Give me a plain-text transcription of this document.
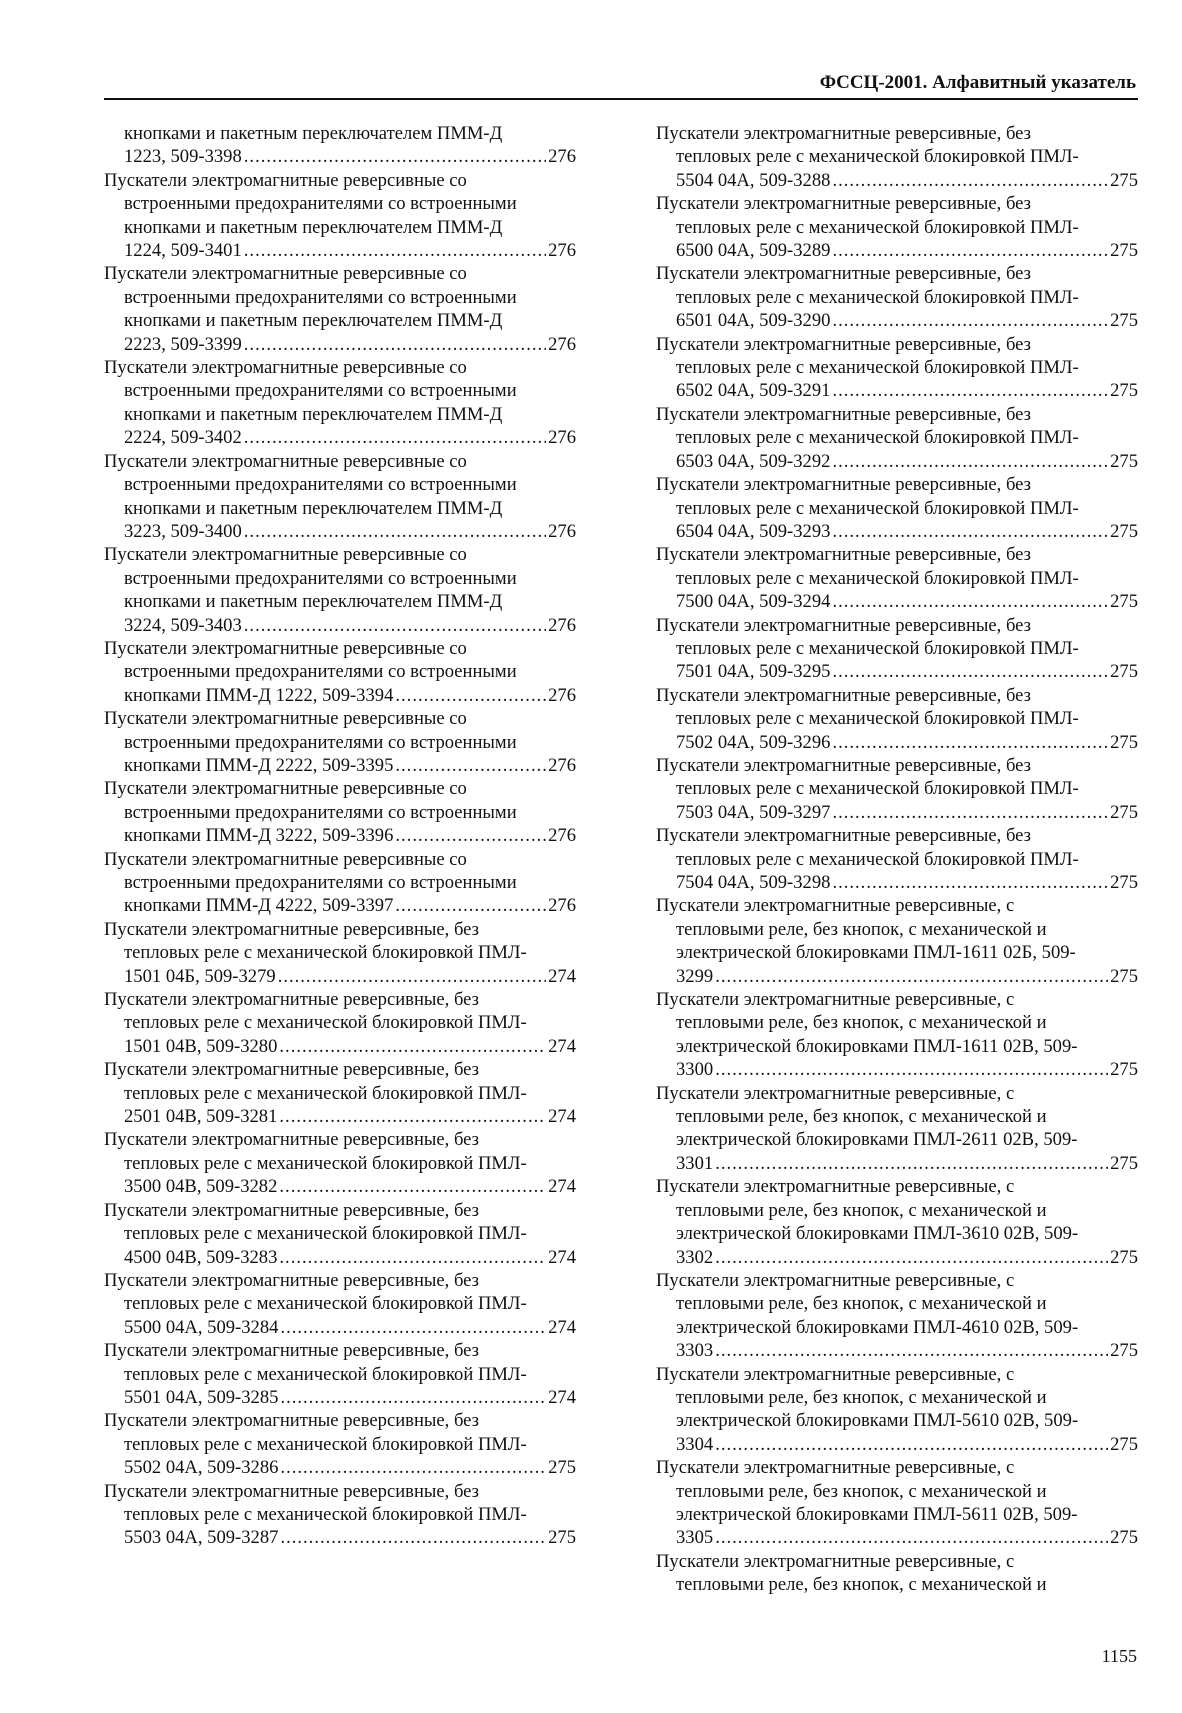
ФССЦ-2001. Алфавитный указатель
кнопками и пакетным переключателем ПММ-Д
1223, 509-3398 .....	276
Пускатели электромагнитные реверсивные со
встроенными предохранителями со встроенными
кнопками и пакетным переключателем ПММ-Д
1224, 509-3401 .....	276
Пускатели электромагнитные реверсивные со
встроенными предохранителями со встроенными
кнопками и пакетным переключателем ПММ-Д
2223, 509-3399 .....	276
Пускатели электромагнитные реверсивные со
встроенными предохранителями со встроенными
кнопками и пакетным переключателем ПММ-Д
2224, 509-3402 .....	276
Пускатели электромагнитные реверсивные со
встроенными предохранителями со встроенными
кнопками и пакетным переключателем ПММ-Д
3223, 509-3400 .....	276
Пускатели электромагнитные реверсивные со
встроенными предохранителями со встроенными
кнопками и пакетным переключателем ПММ-Д
3224, 509-3403 .....	276
Пускатели электромагнитные реверсивные со
встроенными предохранителями со встроенными
кнопками ПММ-Д 1222, 509-3394 .....	276
Пускатели электромагнитные реверсивные со
встроенными предохранителями со встроенными
кнопками ПММ-Д 2222, 509-3395 .....	276
Пускатели электромагнитные реверсивные со
встроенными предохранителями со встроенными
кнопками ПММ-Д 3222, 509-3396 .....	276
Пускатели электромагнитные реверсивные со
встроенными предохранителями со встроенными
кнопками ПММ-Д 4222, 509-3397 .....	276
Пускатели электромагнитные реверсивные, без
тепловых реле с механической блокировкой ПМЛ-
1501 04Б, 509-3279 .....	274
Пускатели электромагнитные реверсивные, без
тепловых реле с механической блокировкой ПМЛ-
1501 04В, 509-3280 .....	274
Пускатели электромагнитные реверсивные, без
тепловых реле с механической блокировкой ПМЛ-
2501 04В, 509-3281 .....	274
Пускатели электромагнитные реверсивные, без
тепловых реле с механической блокировкой ПМЛ-
3500 04В, 509-3282 .....	274
Пускатели электромагнитные реверсивные, без
тепловых реле с механической блокировкой ПМЛ-
4500 04В, 509-3283 .....	274
Пускатели электромагнитные реверсивные, без
тепловых реле с механической блокировкой ПМЛ-
5500 04А, 509-3284 .....	274
Пускатели электромагнитные реверсивные, без
тепловых реле с механической блокировкой ПМЛ-
5501 04А, 509-3285 .....	274
Пускатели электромагнитные реверсивные, без
тепловых реле с механической блокировкой ПМЛ-
5502 04А, 509-3286 .....	275
Пускатели электромагнитные реверсивные, без
тепловых реле с механической блокировкой ПМЛ-
5503 04А, 509-3287 .....	275
Пускатели электромагнитные реверсивные, без
тепловых реле с механической блокировкой ПМЛ-
5504 04А, 509-3288 .....	275
Пускатели электромагнитные реверсивные, без
тепловых реле с механической блокировкой ПМЛ-
6500 04А, 509-3289 .....	275
Пускатели электромагнитные реверсивные, без
тепловых реле с механической блокировкой ПМЛ-
6501 04А, 509-3290 .....	275
Пускатели электромагнитные реверсивные, без
тепловых реле с механической блокировкой ПМЛ-
6502 04А, 509-3291 .....	275
Пускатели электромагнитные реверсивные, без
тепловых реле с механической блокировкой ПМЛ-
6503 04А, 509-3292 .....	275
Пускатели электромагнитные реверсивные, без
тепловых реле с механической блокировкой ПМЛ-
6504 04А, 509-3293 .....	275
Пускатели электромагнитные реверсивные, без
тепловых реле с механической блокировкой ПМЛ-
7500 04А, 509-3294 .....	275
Пускатели электромагнитные реверсивные, без
тепловых реле с механической блокировкой ПМЛ-
7501 04А, 509-3295 .....	275
Пускатели электромагнитные реверсивные, без
тепловых реле с механической блокировкой ПМЛ-
7502 04А, 509-3296 .....	275
Пускатели электромагнитные реверсивные, без
тепловых реле с механической блокировкой ПМЛ-
7503 04А, 509-3297 .....	275
Пускатели электромагнитные реверсивные, без
тепловых реле с механической блокировкой ПМЛ-
7504 04А, 509-3298 .....	275
Пускатели электромагнитные реверсивные, с
тепловыми реле, без кнопок, с механической и
электрической блокировками ПМЛ-1611 02Б, 509-
3299 .....	275
Пускатели электромагнитные реверсивные, с
тепловыми реле, без кнопок, с механической и
электрической блокировками ПМЛ-1611 02В, 509-
3300 .....	275
Пускатели электромагнитные реверсивные, с
тепловыми реле, без кнопок, с механической и
электрической блокировками ПМЛ-2611 02В, 509-
3301 .....	275
Пускатели электромагнитные реверсивные, с
тепловыми реле, без кнопок, с механической и
электрической блокировками ПМЛ-3610 02В, 509-
3302 .....	275
Пускатели электромагнитные реверсивные, с
тепловыми реле, без кнопок, с механической и
электрической блокировками ПМЛ-4610 02В, 509-
3303 .....	275
Пускатели электромагнитные реверсивные, с
тепловыми реле, без кнопок, с механической и
электрической блокировками ПМЛ-5610 02В, 509-
3304 .....	275
Пускатели электромагнитные реверсивные, с
тепловыми реле, без кнопок, с механической и
электрической блокировками ПМЛ-5611 02В, 509-
3305 .....	275
Пускатели электромагнитные реверсивные, с
тепловыми реле, без кнопок, с механической и
1155
